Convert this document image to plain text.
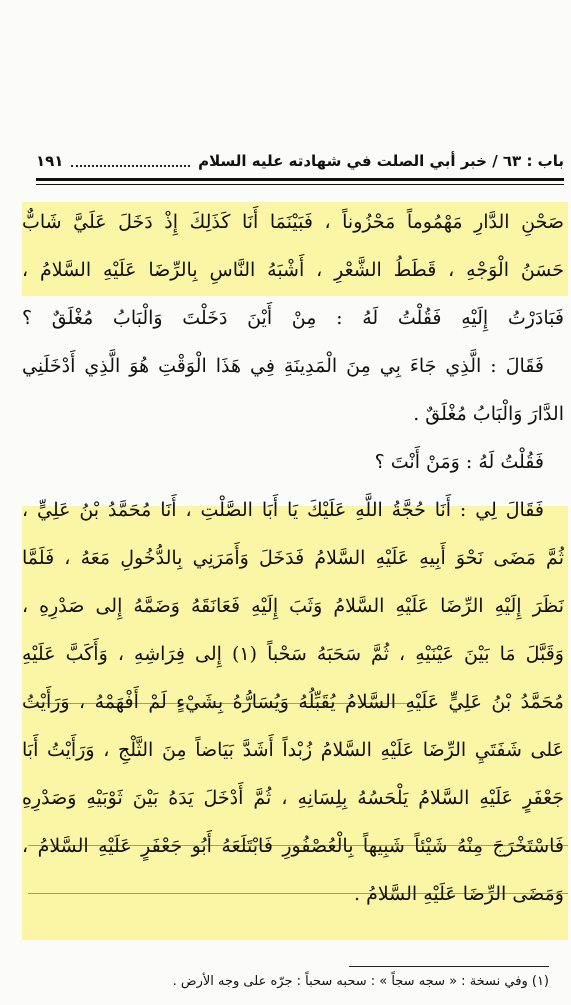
باب : ٦٣ / خبر أبي الصلت في شهادته عليه السلام
١٩١
صَحْنِ الدَّارِ مَهْمُوماً مَحْزُوناً ، فَبَيْنَمَا أَنَا كَذَلِكَ إِذْ دَخَلَ عَلَيَّ شَابٌّ
حَسَنُ الْوَجْهِ ، قَطَطُ الشَّعْرِ ، أَشْبَهُ النَّاسِ بِالرِّضَا عَلَيْهِ السَّلامُ ،
فَبَادَرْتُ إِلَيْهِ فَقُلْتُ لَهُ : مِنْ أَيْنَ دَخَلْتَ وَالْبَابُ مُغْلَقٌ ؟
فَقَالَ : الَّذِي جَاءَ بِي مِنَ الْمَدِينَةِ فِي هَذَا الْوَقْتِ هُوَ الَّذِي أَدْخَلَنِي
الدَّارَ وَالْبَابُ مُغْلَقٌ .
فَقُلْتُ لَهُ : وَمَنْ أَنْتَ ؟
فَقَالَ لِي : أَنَا حُجَّةُ اللَّهِ عَلَيْكَ يَا أَبَا الصَّلْتِ ، أَنَا مُحَمَّدُ بْنُ عَلِيٍّ ،
ثُمَّ مَضَى نَحْوَ أَبِيهِ عَلَيْهِ السَّلامُ فَدَخَلَ وَأَمَرَنِي بِالدُّخُولِ مَعَهُ ، فَلَمَّا
نَظَرَ إِلَيْهِ الرِّضَا عَلَيْهِ السَّلامُ وَثَبَ إِلَيْهِ فَعَانَقَهُ وَضَمَّهُ إِلى صَدْرِهِ ،
وَقَبَّلَ مَا بَيْنَ عَيْنَيْهِ ، ثُمَّ سَحَبَهُ سَحْباً (١) إِلى فِرَاشِهِ ، وَأَكَبَّ عَلَيْهِ
مُحَمَّدُ بْنُ عَلِيٍّ عَلَيْهِ السَّلامُ يُقَبِّلُهُ وَيُسَارُّهُ بِشَيْءٍ لَمْ أَفْهَمْهُ ، وَرَأَيْتُ
عَلى شَفَتَيِ الرِّضَا عَلَيْهِ السَّلامُ زُبْداً أَشَدَّ بَيَاضاً مِنَ الثَّلْجِ ، وَرَأَيْتُ أَبَا
جَعْفَرٍ عَلَيْهِ السَّلامُ يَلْحَسُهُ بِلِسَانِهِ ، ثُمَّ أَدْخَلَ يَدَهُ بَيْنَ ثَوْبَيْهِ وَصَدْرِهِ
فَاسْتَخْرَجَ مِنْهُ شَيْئاً شَبِيهاً بِالْعُصْفُورِ فَابْتَلَعَهُ أَبُو جَعْفَرٍ عَلَيْهِ السَّلامُ ،
وَمَضَى الرِّضَا عَلَيْهِ السَّلامُ .
(١) وفي نسخة : « سجه سجاً » : سحبه سحباً : جرّه على وجه الأرض .
